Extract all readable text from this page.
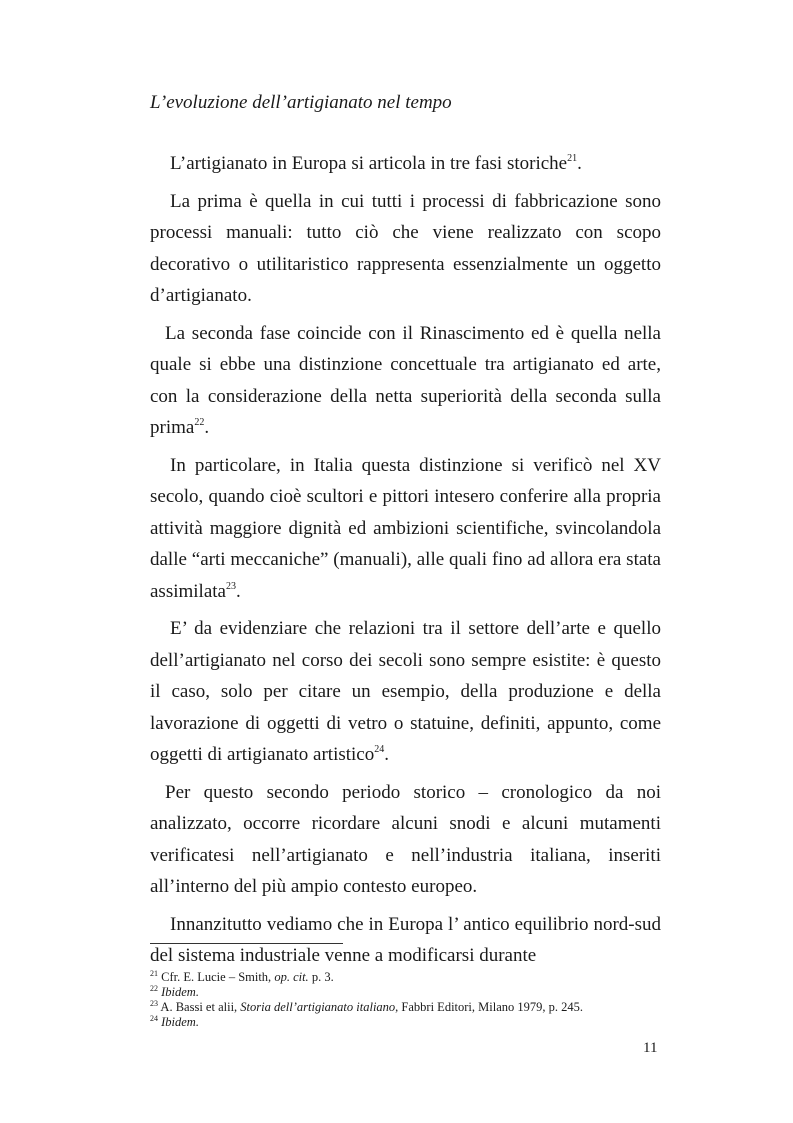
L’evoluzione dell’artigianato nel tempo

L’artigianato in Europa si articola in tre fasi storiche$^{21}$.

La prima è quella in cui tutti i processi di fabbricazione sono processi manuali: tutto ciò che viene realizzato con scopo decorativo o utilitaristico rappresenta essenzialmente un oggetto d’artigianato.

La seconda fase coincide con il Rinascimento ed è quella nella quale si ebbe una distinzione concettuale tra artigianato ed arte, con la considerazione della netta superiorità della seconda sulla prima$^{22}$.

In particolare, in Italia questa distinzione si verificò nel XV secolo, quando cioè scultori e pittori intesero conferire alla propria attività maggiore dignità ed ambizioni scientifiche, svincolandola dalle “arti meccaniche” (manuali), alle quali fino ad allora era stata assimilata$^{23}$.

E’ da evidenziare che relazioni tra il settore dell’arte e quello dell’artigianato nel corso dei secoli sono sempre esistite: è questo il caso, solo per citare un esempio, della produzione e della lavorazione di oggetti di vetro o statuine, definiti, appunto, come oggetti di artigianato artistico$^{24}$.

Per questo secondo periodo storico – cronologico da noi analizzato, occorre ricordare alcuni snodi e alcuni mutamenti verificatesi nell’artigianato e nell’industria italiana, inseriti all’interno del più ampio contesto europeo.

Innanzitutto vediamo che in Europa l’ antico equilibrio nord-sud del sistema industriale venne a modificarsi durante

$^{21}$ Cfr. E. Lucie – Smith, op. cit. p. 3.
$^{22}$ Ibidem.
$^{23}$ A. Bassi et alii, Storia dell’artigianato italiano, Fabbri Editori, Milano 1979, p. 245.
$^{24}$ Ibidem.
11
